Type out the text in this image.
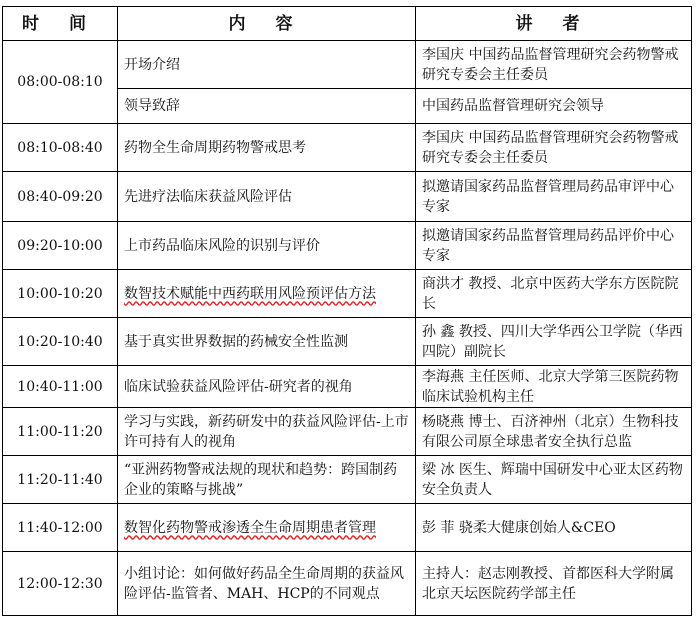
时 间	内 容	讲 者
08:00-08:10	开场介绍	李国庆 中国药品监督管理研究会药物警戒研究专委会主任委员
	领导致辞	中国药品监督管理研究会领导
08:10-08:40	药物全生命周期药物警戒思考	李国庆 中国药品监督管理研究会药物警戒研究专委会主任委员
08:40-09:20	先进疗法临床获益风险评估	拟邀请国家药品监督管理局药品审评中心专家
09:20-10:00	上市药品临床风险的识别与评价	拟邀请国家药品监督管理局药品评价中心专家
10:00-10:20	数智技术赋能中西药联用风险预评估方法	商洪才 教授、北京中医药大学东方医院院长
10:20-10:40	基于真实世界数据的药械安全性监测	孙 鑫 教授、四川大学华西公卫学院（华西四院）副院长
10:40-11:00	临床试验获益风险评估-研究者的视角	李海燕 主任医师、北京大学第三医院药物临床试验机构主任
11:00-11:20	学习与实践，新药研发中的获益风险评估-上市许可持有人的视角	杨晓燕 博士、百济神州（北京）生物科技有限公司原全球患者安全执行总监
11:20-11:40	“亚洲药物警戒法规的现状和趋势：跨国制药企业的策略与挑战”	梁 冰 医生、辉瑞中国研发中心亚太区药物安全负责人
11:40-12:00	数智化药物警戒渗透全生命周期患者管理	彭 菲 骁柔大健康创始人&CEO
12:00-12:30	小组讨论：如何做好药品全生命周期的获益风险评估-监管者、MAH、HCP的不同观点	主持人：赵志刚教授、首都医科大学附属北京天坛医院药学部主任
